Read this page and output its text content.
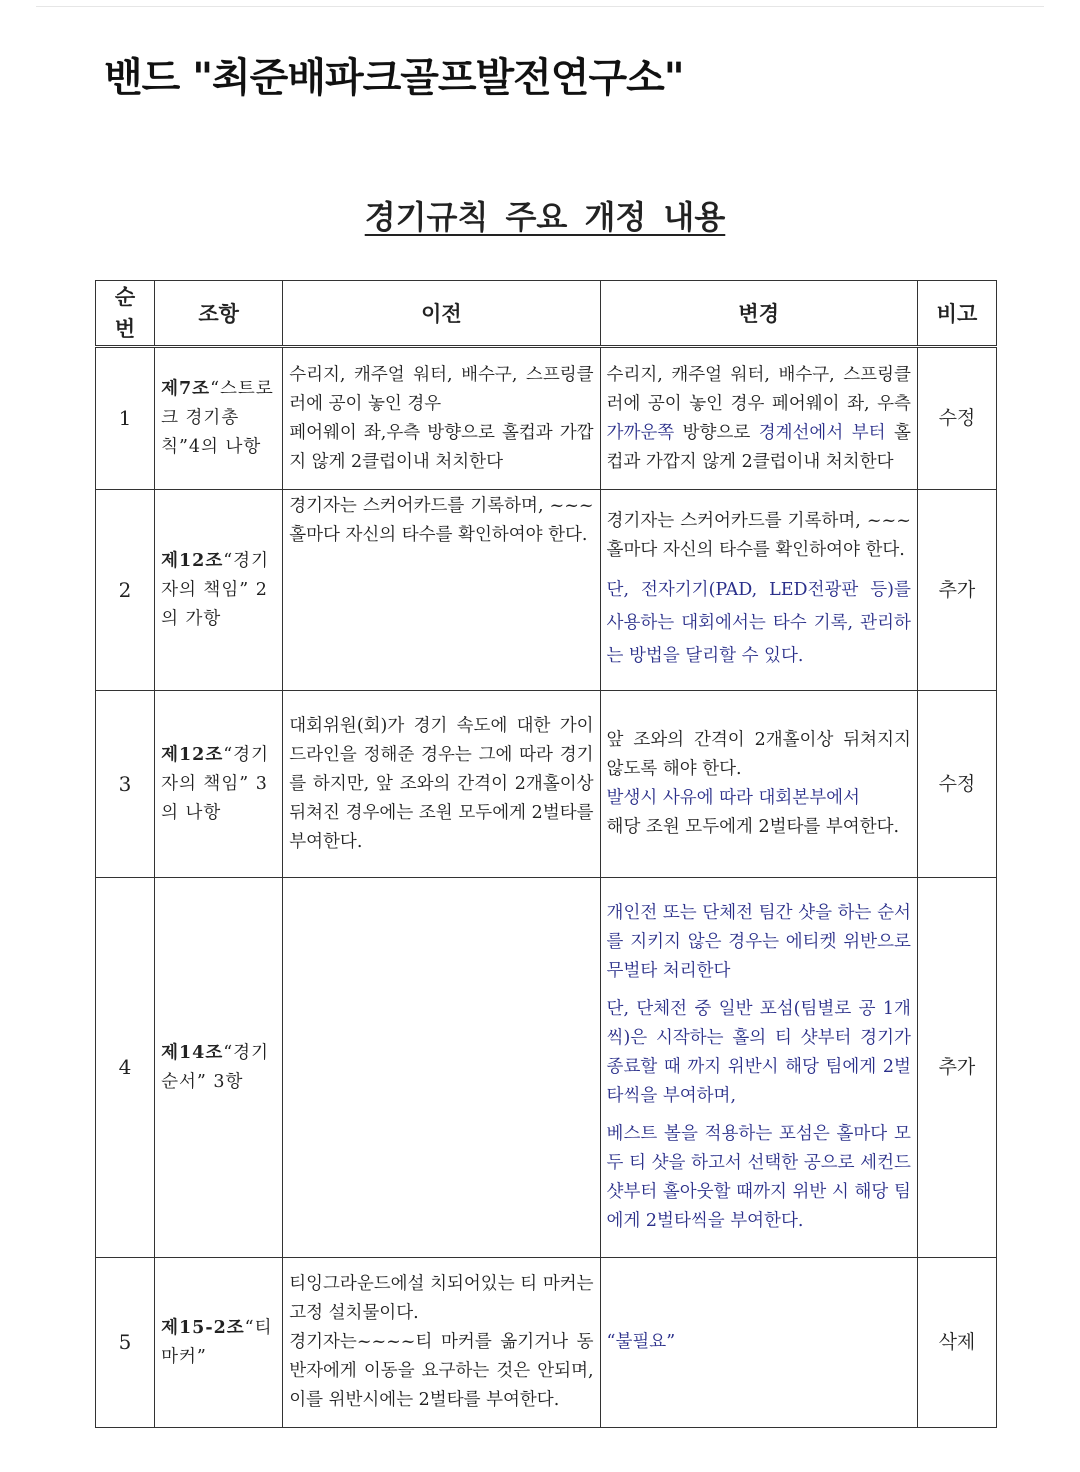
밴드 "최준배파크골프발전연구소"
경기규칙 주요 개정 내용
순
번	조항	이전	변경	비고
1	제7조“스트로크 경기총칙”4의 나항	수리지, 캐주얼 워터, 배수구, 스프링클러에 공이 놓인 경우
페어웨이 좌,우측 방향으로 홀컵과 가깝지 않게 2클럽이내 처치한다	수리지, 캐주얼 워터, 배수구, 스프링클러에 공이 놓인 경우 페어웨이 좌, 우측 가까운쪽 방향으로 경계선에서 부터 홀컵과 가깝지 않게 2클럽이내 처치한다	수정
2	제12조“경기자의 책임” 2의 가항	경기자는 스커어카드를 기록하며, ~~~홀마다 자신의 타수를 확인하여야 한다.	경기자는 스커어카드를 기록하며, ~~~홀마다 자신의 타수를 확인하여야 한다.
단, 전자기기(PAD, LED전광판 등)를 사용하는 대회에서는 타수 기록, 관리하는 방법을 달리할 수 있다.	추가
3	제12조“경기자의 책임” 3의 나항	대회위원(회)가 경기 속도에 대한 가이드라인을 정해준 경우는 그에 따라 경기를 하지만, 앞 조와의 간격이 2개홀이상 뒤쳐진 경우에는 조원 모두에게 2벌타를 부여한다.	앞 조와의 간격이 2개홀이상 뒤쳐지지 않도록 해야 한다.
발생시 사유에 따라 대회본부에서
해당 조원 모두에게 2벌타를 부여한다.	수정
4	제14조“경기순서” 3항		개인전 또는 단체전 팀간 샷을 하는 순서를 지키지 않은 경우는 에티켓 위반으로 무벌타 처리한다
단, 단체전 중 일반 포섬(팀별로 공 1개씩)은 시작하는 홀의 티 샷부터 경기가 종료할 때 까지 위반시 해당 팀에게 2벌타씩을 부여하며,
베스트 볼을 적용하는 포섬은 홀마다 모두 티 샷을 하고서 선택한 공으로 세컨드 샷부터 홀아웃할 때까지 위반 시 해당 팀에게 2벌타씩을 부여한다.	추가
5	제15-2조“티 마커”	티잉그라운드에설 치되어있는 티 마커는 고정 설치물이다.
경기자는~~~~티 마커를 옮기거나 동반자에게 이동을 요구하는 것은 안되며, 이를 위반시에는 2벌타를 부여한다.	“불필요”	삭제
